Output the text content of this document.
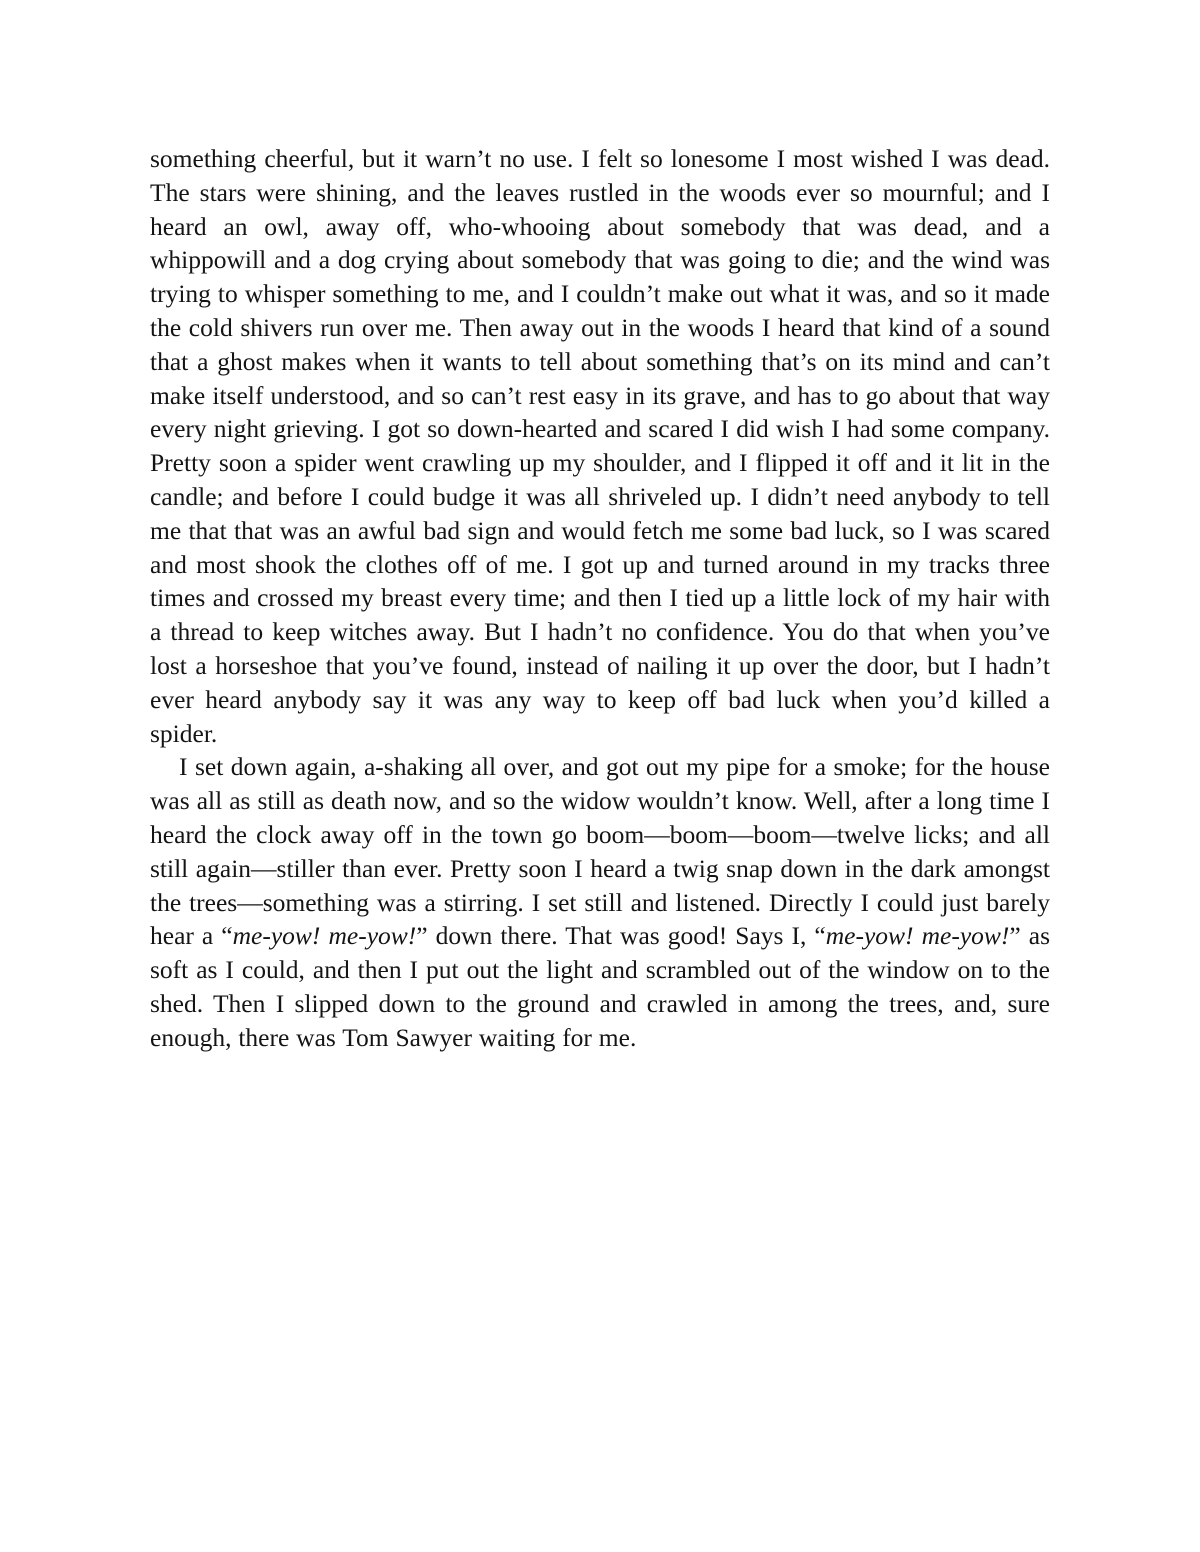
something cheerful, but it warn’t no use. I felt so lonesome I most wished I was dead. The stars were shining, and the leaves rustled in the woods ever so mournful; and I heard an owl, away off, who-whooing about somebody that was dead, and a whippowill and a dog crying about somebody that was going to die; and the wind was trying to whisper something to me, and I couldn’t make out what it was, and so it made the cold shivers run over me. Then away out in the woods I heard that kind of a sound that a ghost makes when it wants to tell about something that’s on its mind and can’t make itself understood, and so can’t rest easy in its grave, and has to go about that way every night grieving. I got so down-hearted and scared I did wish I had some company. Pretty soon a spider went crawling up my shoulder, and I flipped it off and it lit in the candle; and before I could budge it was all shriveled up. I didn’t need anybody to tell me that that was an awful bad sign and would fetch me some bad luck, so I was scared and most shook the clothes off of me. I got up and turned around in my tracks three times and crossed my breast every time; and then I tied up a little lock of my hair with a thread to keep witches away. But I hadn’t no confidence. You do that when you’ve lost a horseshoe that you’ve found, instead of nailing it up over the door, but I hadn’t ever heard anybody say it was any way to keep off bad luck when you’d killed a spider.

I set down again, a-shaking all over, and got out my pipe for a smoke; for the house was all as still as death now, and so the widow wouldn’t know. Well, after a long time I heard the clock away off in the town go boom—boom—boom—twelve licks; and all still again—stiller than ever. Pretty soon I heard a twig snap down in the dark amongst the trees—something was a stirring. I set still and listened. Directly I could just barely hear a “me-yow! me-yow!” down there. That was good! Says I, “me-yow! me-yow!” as soft as I could, and then I put out the light and scrambled out of the window on to the shed. Then I slipped down to the ground and crawled in among the trees, and, sure enough, there was Tom Sawyer waiting for me.
